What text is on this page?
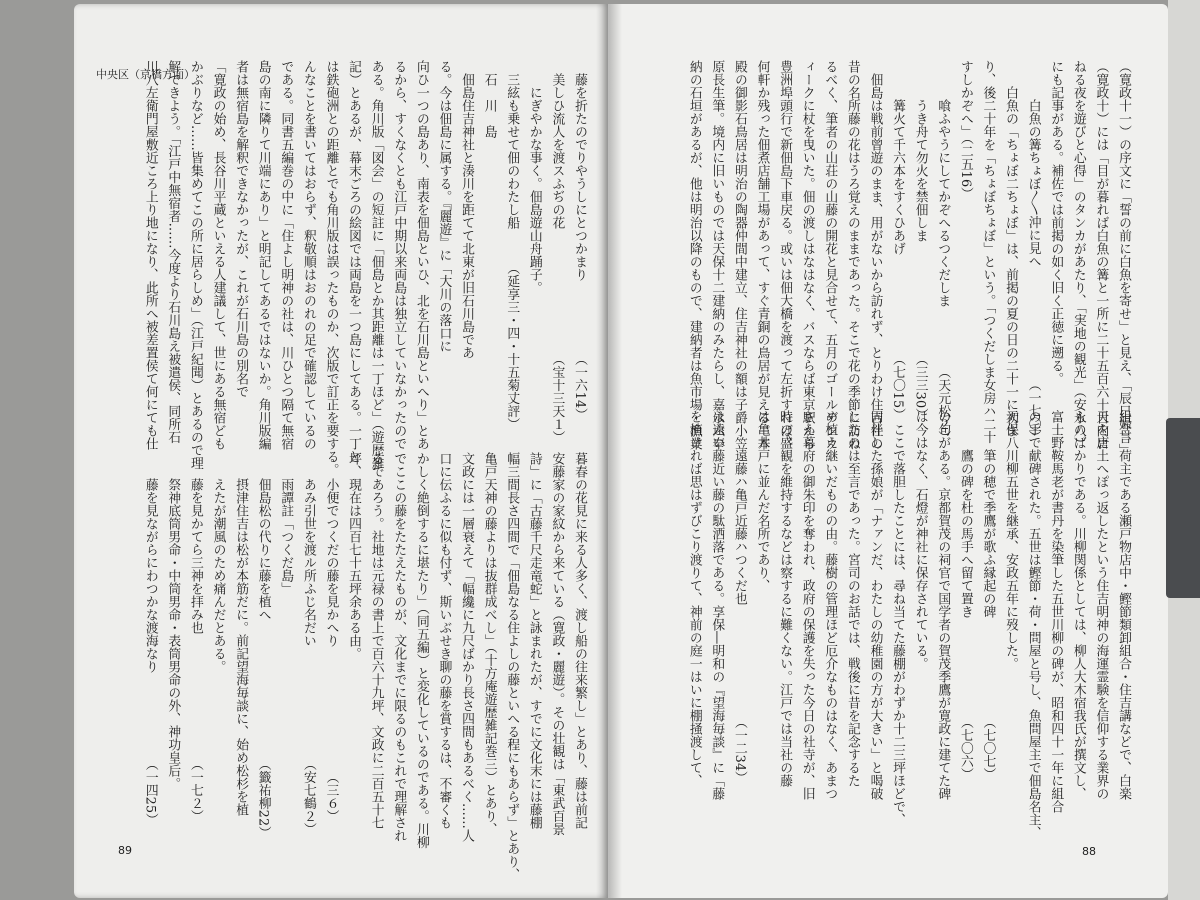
中央区（京橋方面）
89	88
（寛政十一）の序文に「誓の前に白魚を寄せ」と見え、「辰巳婦言」
（寛政十）には「目が暮れば白魚の篝と一所に二十五百六十日内に
ねる夜を遊びと心得」のタンカがあたり、「実地の観光」（安永八）
にも記事がある。補佐では前掲の如く旧く正徳に遡る。
　　　白魚の篝ちょぼ〱沖に見へ　　　　　　　　　（一七〇）
　　白魚の「ちょぼ二ちょぼ」は、前掲の夏の日の二十一に初ま
り、後二十年を「ちょぼちょぼ」という。「つくだしま女房ハ二十
すしかぞへ」（二五16）
　　　喰ふやうにしてかぞへるつくだしま　　　　　（天元松２）
　　　うき舟て勿火を禁佃しま　　　　　　　　　（三三30）
　　　篝火て千六本をすくひあげ　　　　　　　　（七〇15）
　佃島は戦前曾遊のまま、用がないから訪れず、とりわけ住吉社の
昔の名所藤の花はうろ覚えのままであった。そこで花の季節に訪ね
るべく、筆者の山荘の山藤の開花と見合せて、五月のゴールデンウ
ィークに杖を曳いた。佃の渡しはなはなく、バスならば東京駅から
豊洲埠頭行で新佃島下車戻る。或いは佃大橋を渡って左折すれば、
何軒か残った佃煮店舗工場があって、すぐ青銅の鳥居が見える。本
殿の御影石鳥居は明治の陶器仲間中建立、住吉神社の額は子爵小笠
原長生筆。境内に旧いものでは天保十二建納のみたらし、嘉永六奉
納の石垣があるが、他は明治以降のもので、建納者は魚市場・漁業
組合、荷主である瀬戸物店中・鰹節類卸組合・住吉講などで、白楽
天を唐土へぽっ返したという住吉明神の海運霊験を信仰する業界の
ものばかりである。川柳関係としては、柳人大木宿我氏が撰文し、
富士野鞍馬老が書丹を染筆した五世川柳の碑が、昭和四十一年に組合
の手で献碑された。五世は鰹節・荷・問屋と号し、魚問屋主で佃島名主、
天保八川柳五世を継承、安政五年に歿した。
　　　筆の穂で季鷹が歌ふ縁起の碑　　　　　　　　（七〇七）
　　　鷹の碑を杜の馬手へ留て置き　　　　　　　　（七〇六）
の句がある。京都賀茂の祠官で国学者の賀茂季鷹が寛政に建てた碑
は今はなく、石燈が神社に保存されている。
　ここで落胆したことには、尋ね当てた藤棚がわずか十二三坪ほどで、
同伴した孫娘が「ナァンだ、わたしの幼稚園の方が大きい」と喝破
したのは至言であった。宮司のお話では、戦後に昔を記念するた
め植え継いだものの由。藤樹の管理ほど厄介なものはなく、あまつ
さえ幕府の御朱印を奪われ、政府の保護を失った今日の社寺が、旧
時の盛観を維持するなどは察するに難くない。江戸では当社の藤
は亀井戸に並んだ名所であり、
　　　遠藤ハ亀戸近藤ハつくだ也　　　　　　　　　（一二34）
は遠い藤近い藤の駄洒落である。享保―明和の『望海毎談』に「藤
を植ければ思はずびこり渡りて、神前の庭一はいに棚掻渡して、
　藤を折たのでりやうしにとつかまり　　　　　　（一六14）
　美しひ流人を渡スふぢの花　　　　　　　　　　（宝十三天１）
　　にぎやかな事く。佃島遊山舟踊子。
　三絃も乗せて佃のわたし船　　　（延享三・四・十五菊丈評）
　石　川　島
　佃島住吉神社と湊川を距てて北東が旧石川島であ
る。今は佃島に属する。『麗遊』に「大川の落口に
向ひ一つの島あり、南表を佃島といひ、北を石川島といへり」とあ
るから、すくなくとも江戸中期以来両島は独立していなかったので
ある。角川版「図会」の短註に「佃島とか其距離は一丁ほど」（遊歴雑
記）とあるが、幕末ごろの絵図では両島を一つ島にしてある。一丁と
は鉄砲洲との距離とでも角川版は誤ったものか、次版で訂正を要する。
んなことを書いてはおらず、釈敬順はおのれの足で確認しているの
である。同書五編巻の中に「住よし明神の社は、川ひとつ隔て無宿
島の南に隣りて川端にあり」と明記してあるではないか。角川版編
者は無宿島を解釈できなかったが、これが石川島の別名で
「寛政の始め、長谷川平蔵といえる人建議して、世にある無宿ども
かぶりなど……皆集めてこの所に居らしめ」（江戸紀聞）とあるので理
解できよう。「江戸中無宿者……今度より石川島え被遣侯、同所石
川八左衛門屋敷近ころ上り地になり、此所へ被差置侯て何にても仕
暮春の花見に来る人多く、渡し船の往来繁し」とあり、藤は前記
安藤家の家紋から来ている（寛政・麗遊）。その壮観は「東武百景
詩」に「古藤千尺走竜蛇」と詠まれたが、すでに文化末には藤棚
幅三間長さ四間で「佃島なる住よしの藤といへる程にもあらず」とあり、
亀戸天神の藤よりは抜群成べし」（十方庵遊歴雑記巻三）とあり、
文政には一層衰えて「幅纔に九尺ばかり長さ四間もあるべく……人
口に伝ふるに似も付ず、斯いぶせき聊の藤を賞するは、不審くも
かしく絶倒するに堪たり」（同五編）と変化しているのである。川柳
でここの藤をたたえたものが、文化までに限るのもこれで理解され
るであろう。社地は元禄の書上で百六十九坪、文政に二百五十七
坪、現在は四百七十五坪余ある由。
　　小便でつくだの藤を見かへり　　　　　　　　　　（三６）
　　あみ引世を渡ル所ふじ名だい　　　　　　　　　（安七鶴２）
　　雨譚註「つくだ島」
　　佃島松の代りに藤を植へ　　　　　　　　　　　（籤祐柳22）
　　摂津住吉は松が本筋だに。前記望海毎談に、始め松杉を植
　　えたが潮風のため痛んだとある。
　　藤を見かてら三神を拝み也　　　　　　　　　　（一七２）
　　祭神底筒男命・中筒男命・表筒男命の外、神功皇后。
　　藤を見ながらにわつかな渡海なり　　　　　　　（一四25）
